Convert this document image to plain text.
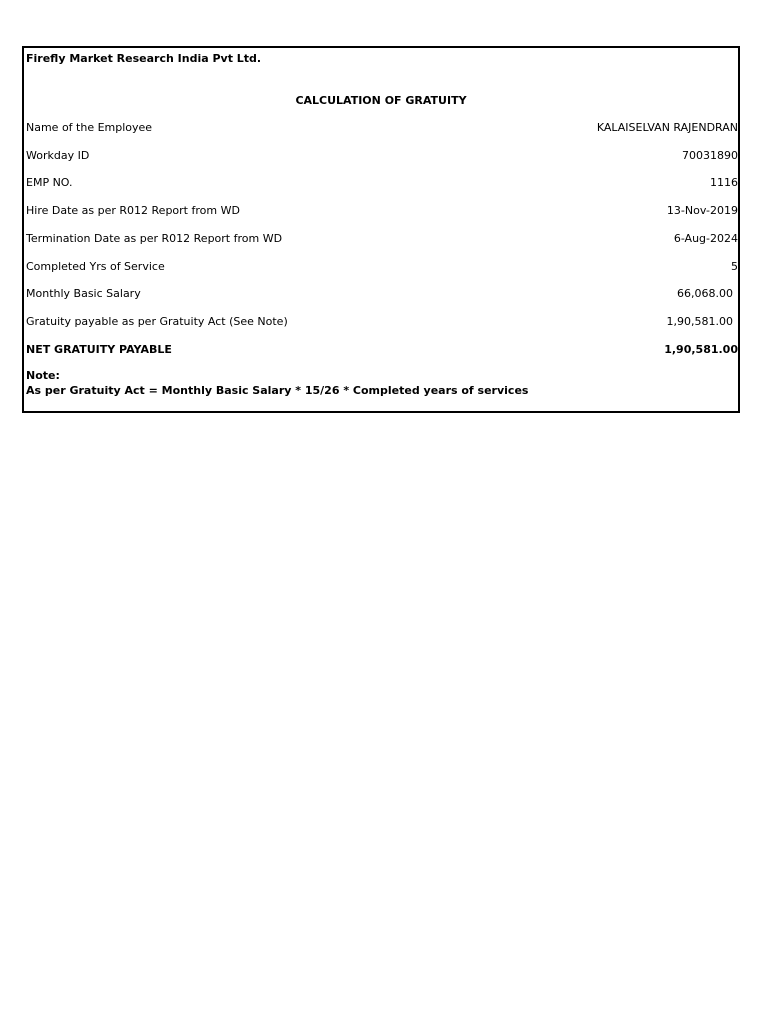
Firefly Market Research India Pvt Ltd.
CALCULATION OF GRATUITY
Name of the Employee	KALAISELVAN RAJENDRAN
Workday ID	70031890
EMP NO.	1116
Hire Date as per R012 Report from WD	13-Nov-2019
Termination Date as per R012 Report from WD	6-Aug-2024
Completed Yrs of Service	5
Monthly Basic Salary	66,068.00
Gratuity payable as per Gratuity Act (See Note)	1,90,581.00
NET GRATUITY PAYABLE	1,90,581.00
Note:
As per Gratuity Act = Monthly Basic Salary * 15/26 * Completed years of services
